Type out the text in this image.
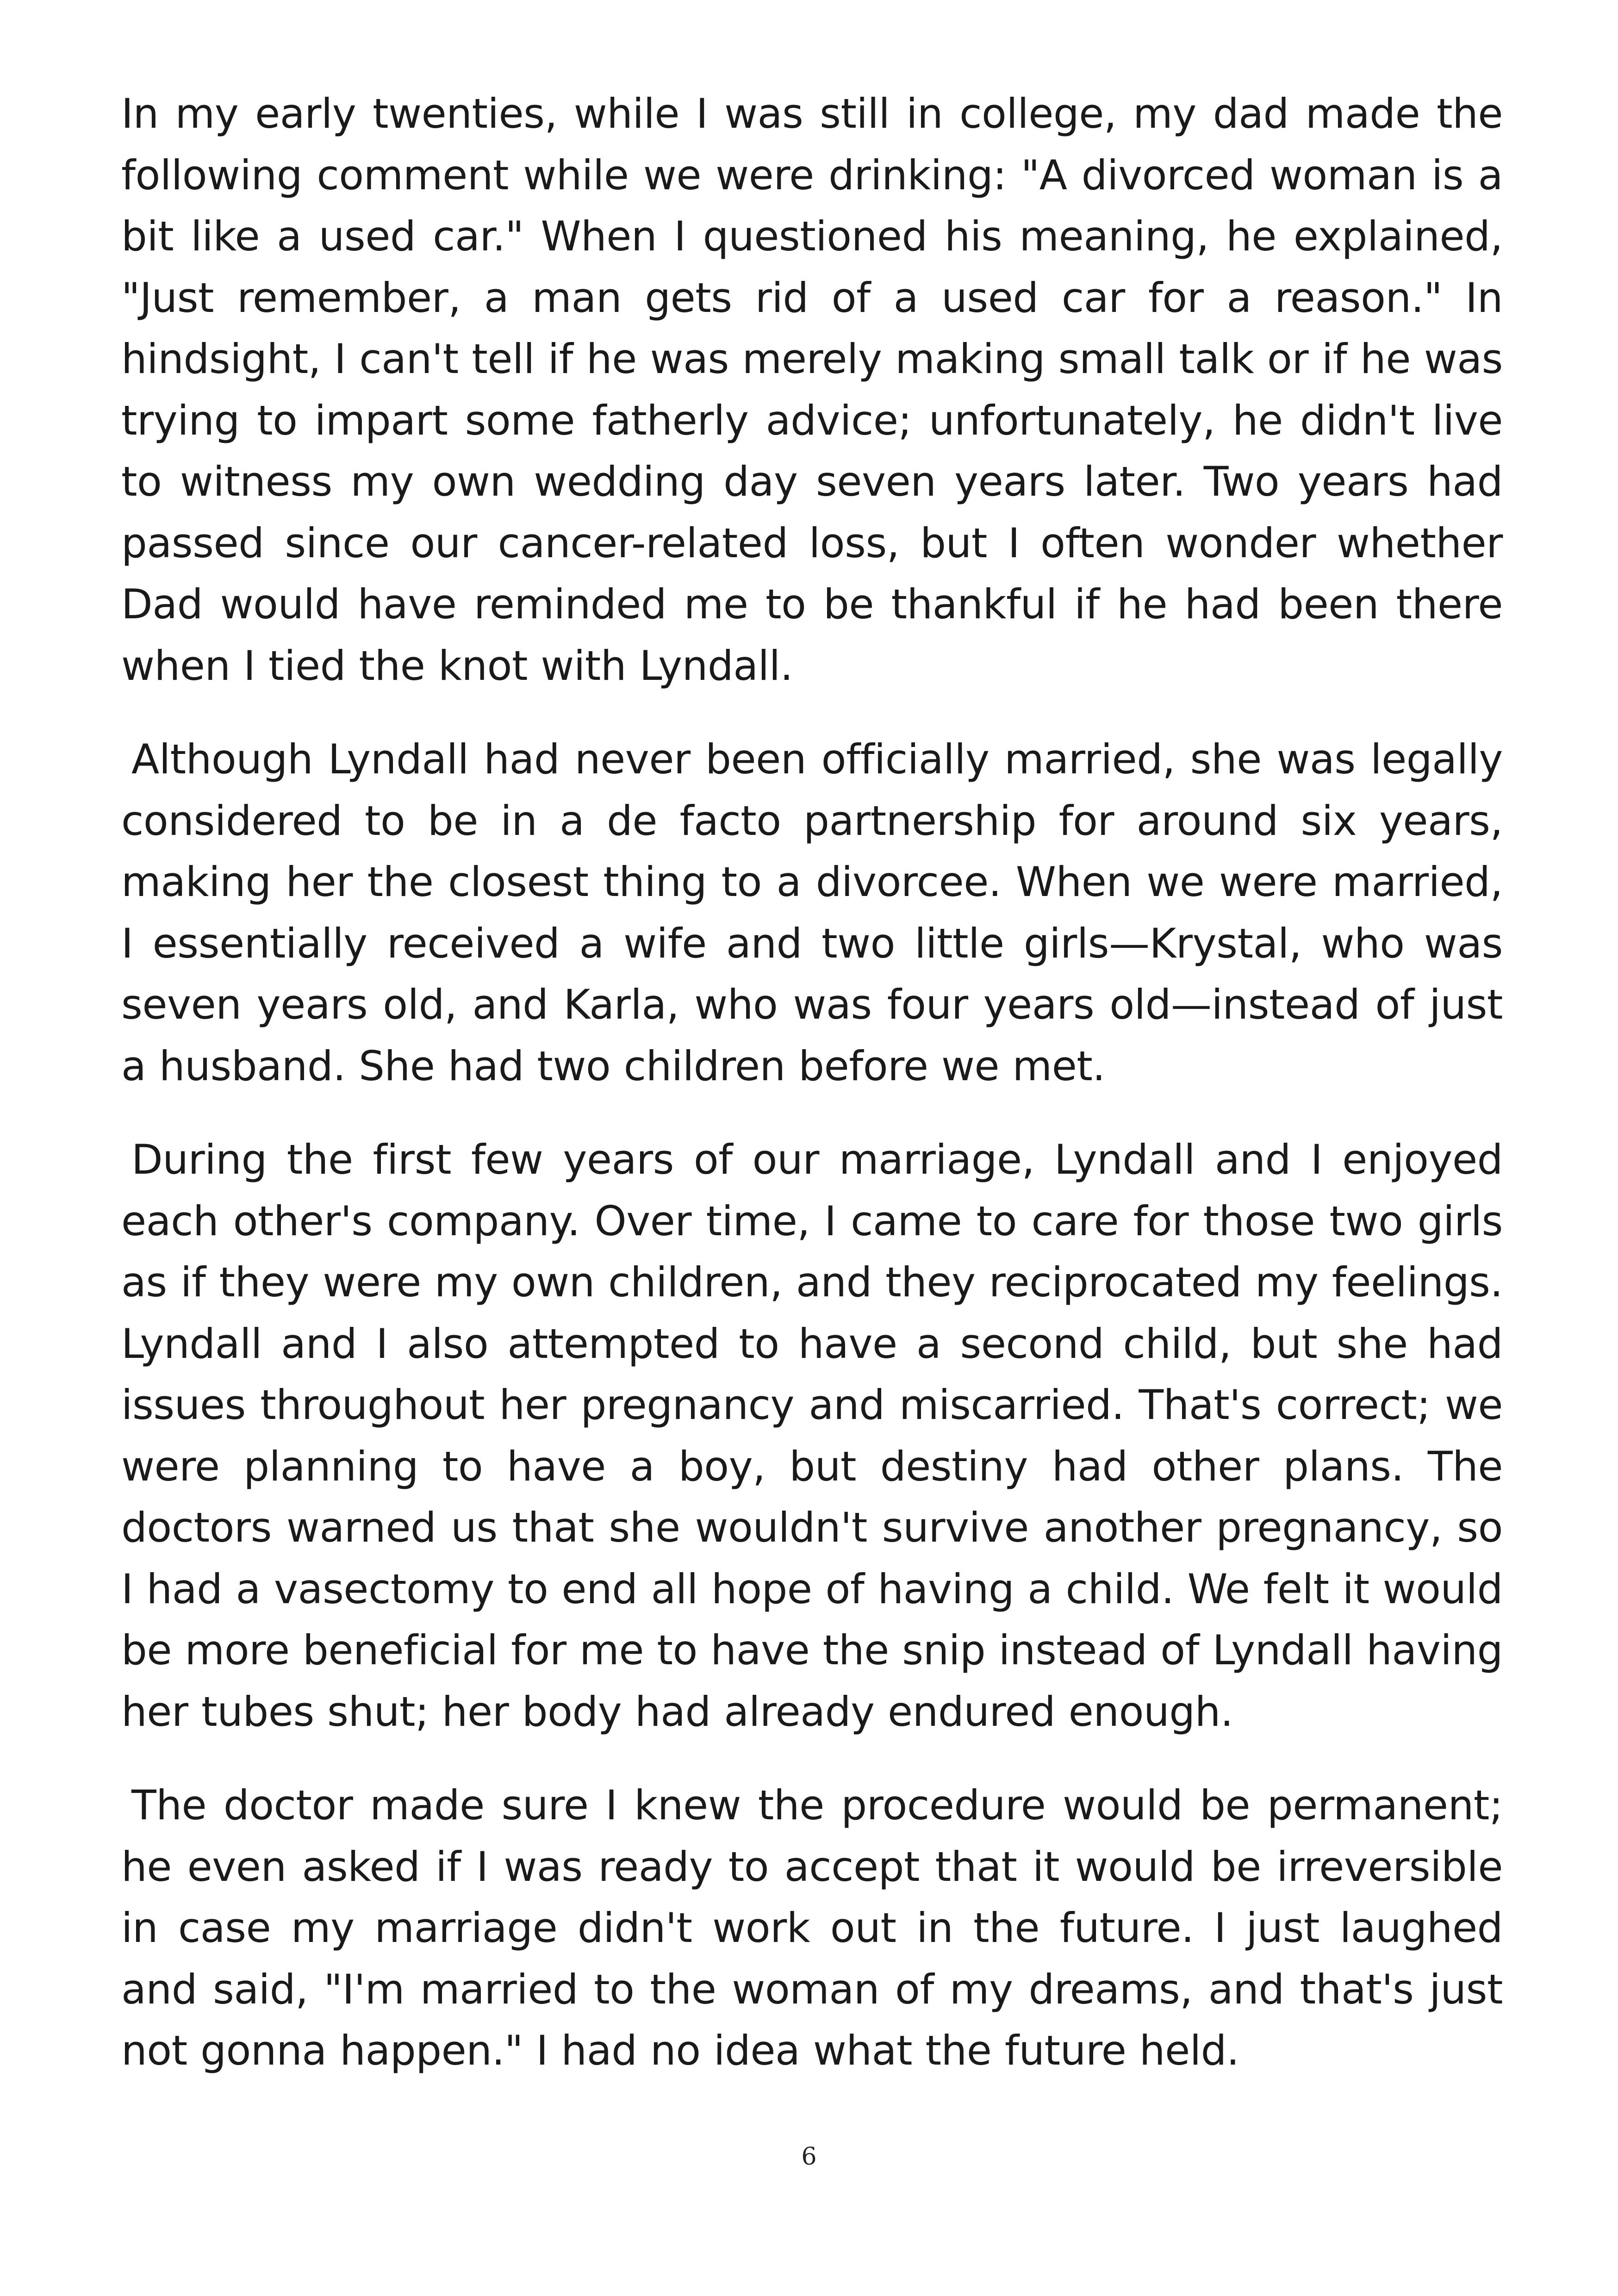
In my early twenties, while I was still in college, my dad made the following comment while we were drinking: "A divorced woman is a bit like a used car." When I questioned his meaning, he explained, "Just remember, a man gets rid of a used car for a reason." In hindsight, I can't tell if he was merely making small talk or if he was trying to impart some fatherly advice; unfortunately, he didn't live to witness my own wedding day seven years later. Two years had passed since our cancer-related loss, but I often wonder whether Dad would have reminded me to be thankful if he had been there when I tied the knot with Lyndall.

Although Lyndall had never been officially married, she was legally considered to be in a de facto partnership for around six years, making her the closest thing to a divorcee. When we were married, I essentially received a wife and two little girls—Krystal, who was seven years old, and Karla, who was four years old—instead of just a husband. She had two children before we met.

During the first few years of our marriage, Lyndall and I enjoyed each other's company. Over time, I came to care for those two girls as if they were my own children, and they reciprocated my feelings. Lyndall and I also attempted to have a second child, but she had issues throughout her pregnancy and miscarried. That's correct; we were planning to have a boy, but destiny had other plans. The doctors warned us that she wouldn't survive another pregnancy, so I had a vasectomy to end all hope of having a child. We felt it would be more beneficial for me to have the snip instead of Lyndall having her tubes shut; her body had already endured enough.

The doctor made sure I knew the procedure would be permanent; he even asked if I was ready to accept that it would be irreversible in case my marriage didn't work out in the future. I just laughed and said, "I'm married to the woman of my dreams, and that's just not gonna happen." I had no idea what the future held.

6
